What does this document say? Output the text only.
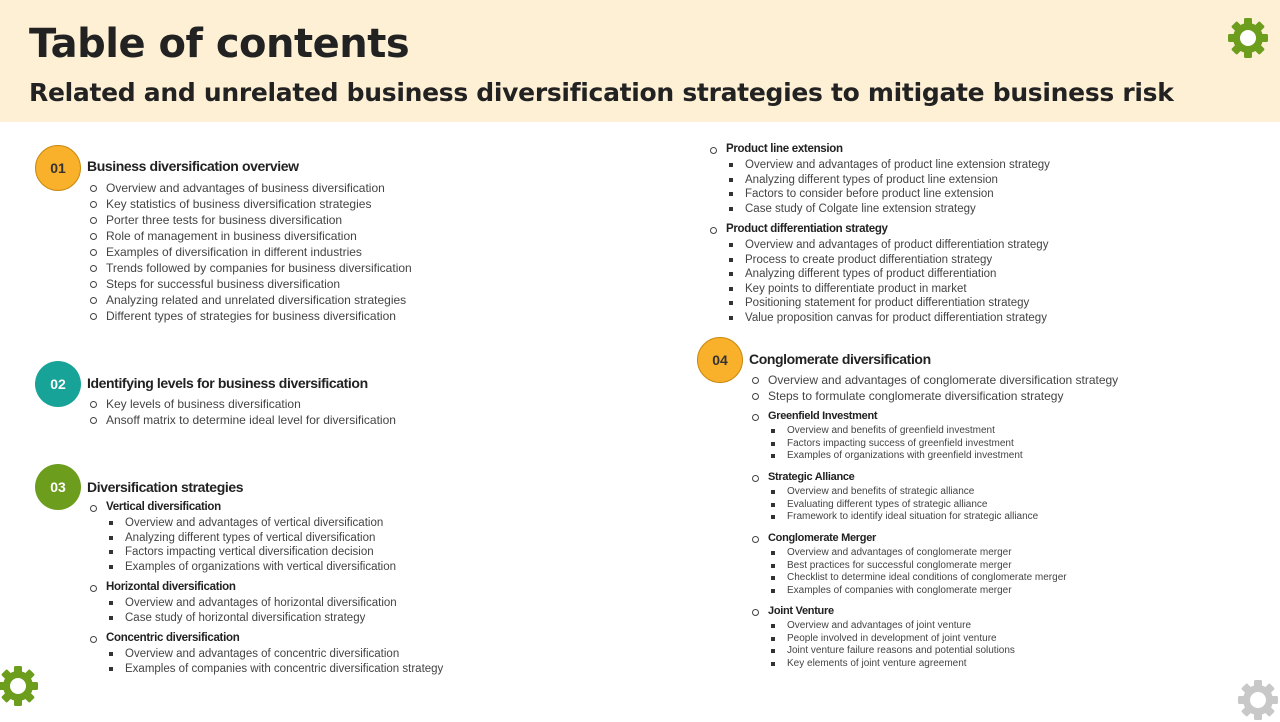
Table of contents
Related and unrelated business diversification strategies to mitigate business risk
01	Business diversification overview
Overview and advantages of business diversification
Key statistics of business diversification strategies
Porter three tests for business diversification
Role of management in business diversification
Examples of diversification in different industries
Trends followed by companies for business diversification
Steps for successful business diversification
Analyzing related and unrelated diversification strategies
Different types of strategies for business diversification
02	Identifying levels for business diversification
Key levels of business diversification
Ansoff matrix to determine ideal level for diversification
03	Diversification strategies
Vertical diversification
Overview and advantages of vertical diversification
Analyzing different types of vertical diversification
Factors impacting vertical diversification decision
Examples of organizations with vertical diversification
Horizontal diversification
Overview and advantages of horizontal diversification
Case study of horizontal diversification strategy
Concentric diversification
Overview and advantages of concentric diversification
Examples of companies with concentric diversification strategy
Product line extension
Overview and advantages of product line extension strategy
Analyzing different types of product line extension
Factors to consider before product line extension
Case study of Colgate line extension strategy
Product differentiation strategy
Overview and advantages of product differentiation strategy
Process to create product differentiation strategy
Analyzing different types of product differentiation
Key points to differentiate product in market
Positioning statement for product differentiation strategy
Value proposition canvas for product differentiation strategy
04	Conglomerate diversification
Overview and advantages of conglomerate diversification strategy
Steps to formulate conglomerate diversification strategy
Greenfield Investment
Overview and benefits of greenfield investment
Factors impacting success of greenfield investment
Examples of organizations with greenfield investment
Strategic Alliance
Overview and benefits of strategic alliance
Evaluating different types of strategic alliance
Framework to identify ideal situation for strategic alliance
Conglomerate Merger
Overview and advantages of conglomerate merger
Best practices for successful conglomerate merger
Checklist to determine ideal conditions of conglomerate merger
Examples of companies with conglomerate merger
Joint Venture
Overview and advantages of joint venture
People involved in development of joint venture
Joint venture failure reasons and potential solutions
Key elements of joint venture agreement
